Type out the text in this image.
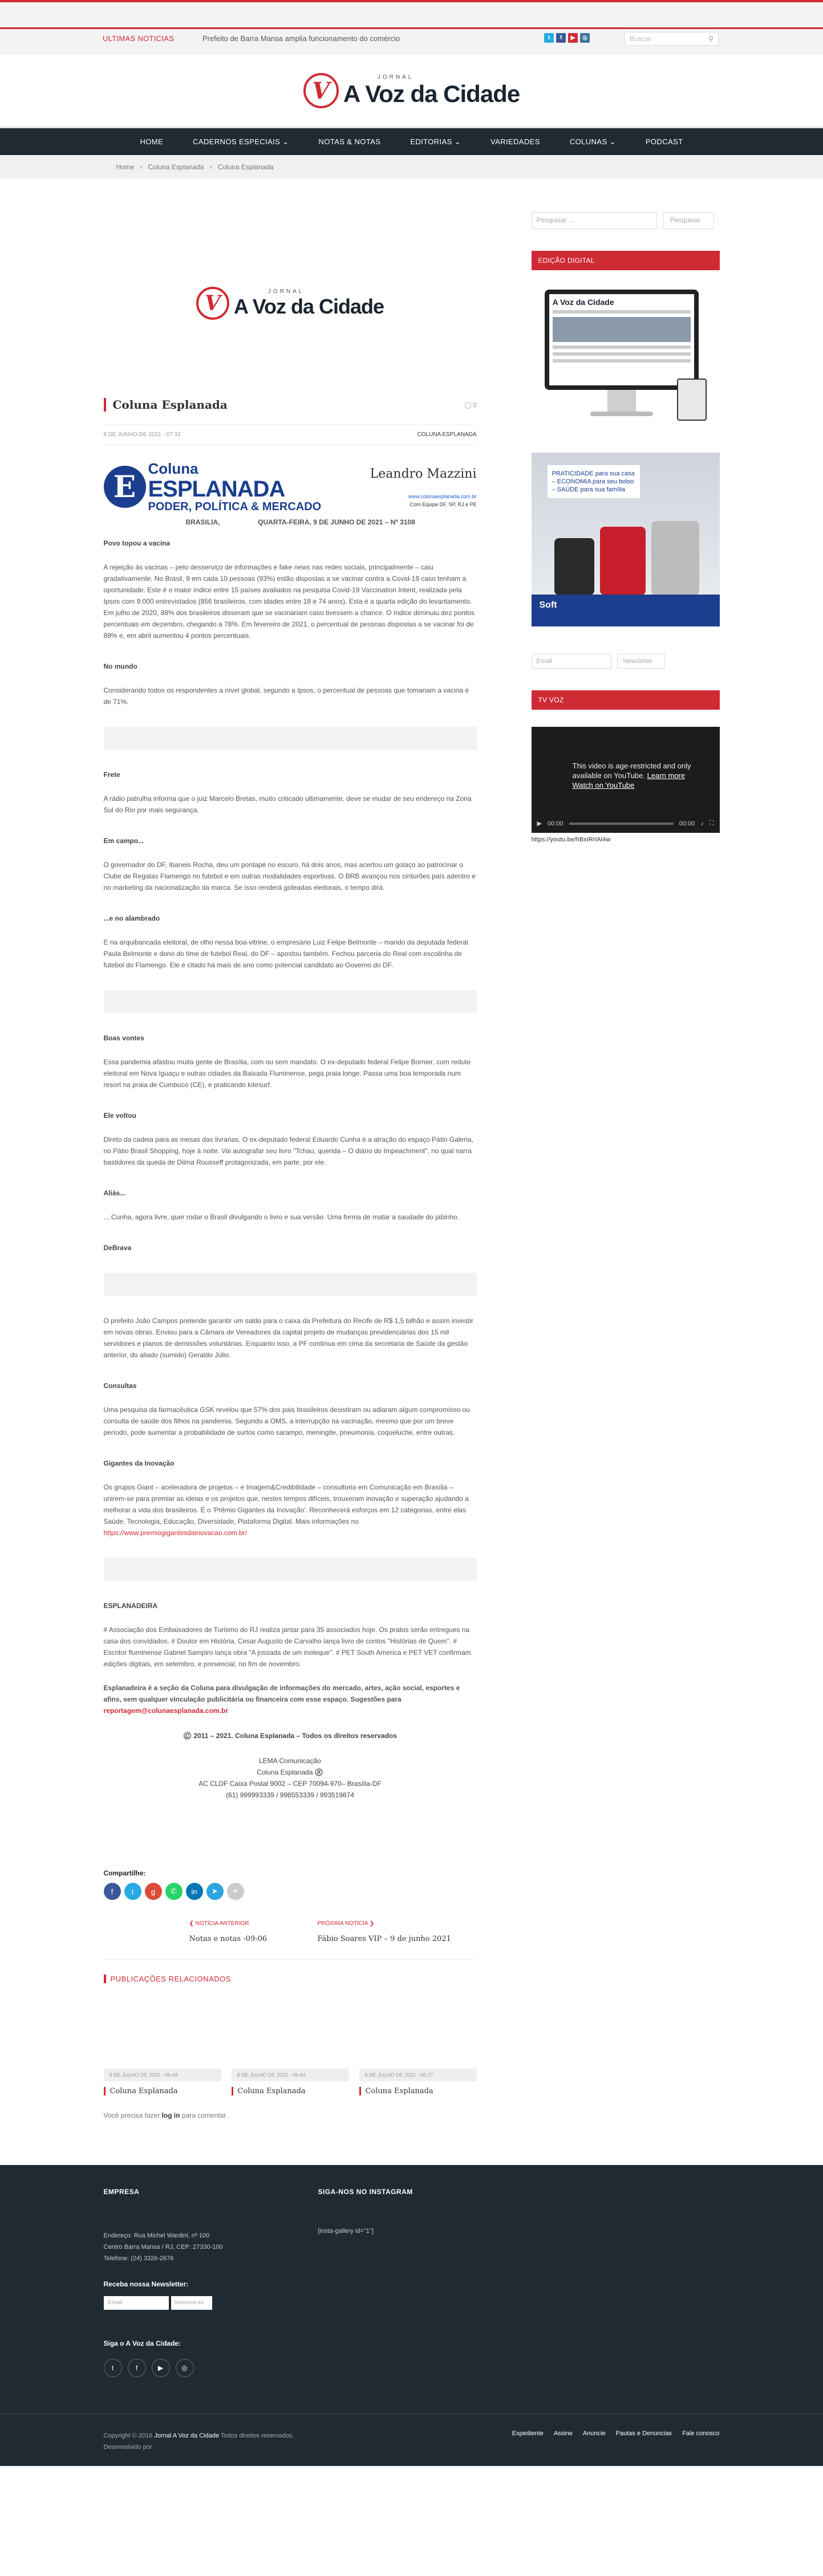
ULTIMAS NOTICIAS	Prefeito de Barra Mansa amplia funcionamento do comércio	t	f	▶	◎	Buscar	⚲
V
JORNAL
A Voz da Cidade
HOME	CADERNOS ESPECIAIS ⌄	NOTAS & NOTAS	EDITORIAS ⌄	VARIEDADES	COLUNAS ⌄	PODCAST
Home › Coluna Esplanada › Coluna Esplanada
V	JORNAL
A Voz da Cidade
Coluna Esplanada	◯ 0
8 DE JUNHO DE 2021 - 07:32	COLUNA ESPLANADA
E
Coluna
ESPLANADA
PODER, POLÍTICA & MERCADO
Leandro Mazzini
www.colunaesplanada.com.br
Com Equipe DF, SP, RJ e PE
BRASILIA,                    QUARTA-FEIRA, 9 DE JUNHO DE 2021 – Nº 3108
Povo topou a vacina

A rejeição às vacinas – pelo desserviço de informações e fake news nas redes sociais, principalmente – caiu gradativamente. No Brasil, 9 em cada 10 pessoas (93%) estão dispostas a se vacinar contra a Covid-19 caso tenham a oportunidade. Este é o maior índice entre 15 países avaliados na pesquisa Covid-19 Vaccination Intent, realizada pela Ipsos com 9.000 entrevistados (856 brasileiros, com idades entre 18 e 74 anos). Esta é a quarta edição do levantamento. Em julho de 2020, 88% dos brasileiros disseram que se vacinariam caso tivessem a chance. O índice diminuiu dez pontos percentuais em dezembro, chegando a 78%. Em fevereiro de 2021, o percentual de pessoas dispostas a se vacinar foi de 89% e, em abril aumentou 4 pontos percentuais.

No mundo

Considerando todos os respondentes a nível global, segundo a Ipsos, o percentual de pessoas que tomariam a vacina é de 71%.

Frete

A rádio patrulha informa que o juiz Marcelo Bretas, muito criticado ultimamente, deve se mudar de seu endereço na Zona Sul do Rio por mais segurança.

Em campo...

O governador do DF, Ibaneis Rocha, deu um pontapé no escuro, há dois anos, mas acertou um golaço ao patrocinar o Clube de Regatas Flamengo no futebol e em outras modalidades esportivas. O BRB avançou nos cinturões país adentro e no marketing da nacionalização da marca. Se isso renderá goleadas eleitorais, o tempo dirá.

...e no alambrado

E na arquibancada eleitoral, de olho nessa boa-vitrine, o empresário Luiz Felipe Belmonte – marido da deputada federal Paula Belmonte e dono do time de futebol Real, do DF – apostou também. Fechou parceria do Real com escolinha de futebol do Flamengo. Ele é citado há mais de ano como potencial candidato ao Governo do DF.

Boas vontes

Essa pandemia afastou muita gente de Brasília, com ou sem mandato. O ex-deputado federal Felipe Bornier, com redute eleitoral em Nova Iguaçu e outras cidades da Baixada Fluminense, pega praia longe. Passa uma boa temporada num resort na praia de Cumbuco (CE), e praticando kitesurf.

Ele voltou

Direto da cadeia para as mesas das livrarias. O ex-deputado federal Eduardo Cunha é a atração do espaço Pátio Galeria, no Pátio Brasil Shopping, hoje à noite. Vai autografar seu livro "Tchau, querida – O diário do Impeachment", no qual narra bastidores da queda de Dilma Rousseff protagonizada, em parte, por ele.

Aliás...

... Cunha, agora livre, quer rodar o Brasil divulgando o livro e sua versão. Uma forma de matar a saudade do jabinho.

DeBrava

O prefeito João Campos pretende garantir um saldo para o caixa da Prefeitura do Recife de R$ 1,5 bilhão e assim investir em novas obras. Enviou para a Câmara de Vereadores da capital projeto de mudanças previdenciárias dos 15 mil servidores e planos de demissões voluntárias. Enquanto isso, a PF continua em cima da secretaria de Saúde da gestão anterior, do aliado (sumido) Geraldo Júlio.

Consultas

Uma pesquisa da farmacêutica GSK revelou que 57% dos pais brasileiros desistiram ou adiaram algum compromisso ou consulta de saúde dos filhos na pandemia. Segundo a OMS, a interrupção na vacinação, mesmo que por um breve período, pode aumentar a probabilidade de surtos como sarampo, meningite, pneumonia, coqueluche, entre outras.

Gigantes da Inovação

Os grupos Giant – aceleradora de projetos – e Imagem&Credibilidade – consultoria em Comunicação em Brasília – unirem-se para premiar as ideias e os projetos que, nestes tempos difíceis, trouxeram inovação e superação ajudando a melhorar a vida dos brasileiros. É o 'Prêmio Gigantes da Inovação'. Reconhecerá esforços em 12 categorias, entre elas Saúde, Tecnologia, Educação, Diversidade, Plataforma Digital. Mais informações no https://www.premiogigantesdainovacao.com.br/

ESPLANADEIRA

# Associação dos Embaixadores de Turismo do RJ realiza jantar para 35 associados hoje. Os pratos serão entregues na casa dos convidados. # Doutor em História, Cesar Augusto de Carvalho lança livro de contos "Histórias de Quem". # Escritor fluminense Gabriel Sampiro lança obra "A jossada de um inoleque". # PET South America e PET VET confirmam edições digitais, em setembro, e presencial, no fim de novembro.

Esplanadeira é a seção da Coluna para divulgação de informações do mercado, artes, ação social, esportes e afins, sem qualquer vinculação publicitária ou financeira com esse espaço. Sugestões para reportagem@colunaesplanada.com.br

©️ 2011 – 2021. Coluna Esplanada – Todos os direitos reservados
LEMA Comunicação
Coluna Esplanada ®️
AC CLDF Caixa Postal 9002 – CEP 70094-970– Brasília-DF
(61) 999993339 / 998553339 / 993519874
Compartilhe:
f	t	g	✆	in	➤	⚭
❮ NOTÍCIA ANTERIOR
Notas e notas -09-06
PRÓXIMA NOTÍCIA ❯
Fábio Soares VIP – 9 de junho 2021
PUBLICAÇÕES RELACIONADOS
8 DE JULHO DE 2021 - 06:44
Coluna Esplanada
8 DE JULHO DE 2021 - 06:44
Coluna Esplanada
8 DE JULHO DE 2021 - 06:27
Coluna Esplanada
Você precisa fazer log in para comentar.
Pesquisar ...	Pesquisar
EDIÇÃO DIGITAL
A Voz da Cidade
PRATICIDADE para sua casa – ECONOMIA para seu bolso – SAÚDE para sua família
Soft
Email	Newsletter
TV VOZ
This video is age-restricted and only available on YouTube. Learn more
Watch on YouTube
▶ 00:00	00:00 ♪ ⛶
https://youtu.be/hBxIRrIAl4w
EMPRESA
Endereço: Rua Michel Wardini, nº 100
Centro Barra Mansa / RJ, CEP: 27330-100
Telefone: (24) 3326-2676
Receba nossa Newsletter:
Email	Inscreva-se
Siga o A Voz da Cidade:
t	f	▶	◎
SIGA-NOS NO INSTAGRAM
[insta-gallery id="1"]
Copyright © 2016 Jornal A Voz da Cidade Todos direitos reservados.
Desenvolvido por
Expediente Assine Anuncie Pautas e Denuncias Fale conosco
